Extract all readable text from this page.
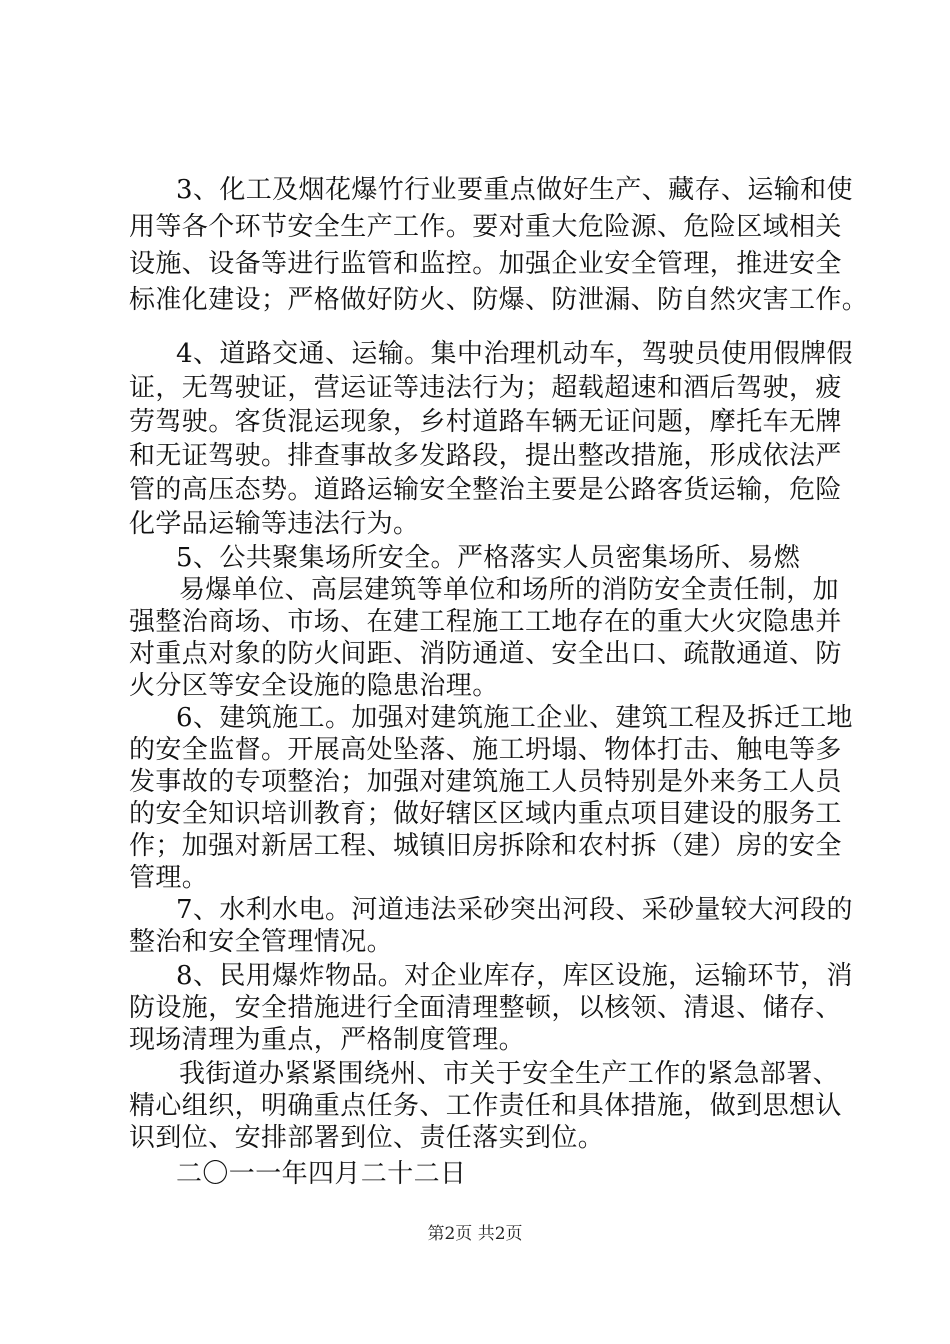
3、化工及烟花爆竹行业要重点做好生产、藏存、运输和使
用等各个环节安全生产工作。要对重大危险源、危险区域相关
设施、设备等进行监管和监控。加强企业安全管理，推进安全
标准化建设；严格做好防火、防爆、防泄漏、防自然灾害工作。
4、道路交通、运输。集中治理机动车，驾驶员使用假牌假
证，无驾驶证，营运证等违法行为；超载超速和酒后驾驶，疲
劳驾驶。客货混运现象，乡村道路车辆无证问题，摩托车无牌
和无证驾驶。排查事故多发路段，提出整改措施，形成依法严
管的高压态势。道路运输安全整治主要是公路客货运输，危险
化学品运输等违法行为。
5、公共聚集场所安全。严格落实人员密集场所、易燃
易爆单位、高层建筑等单位和场所的消防安全责任制，加
强整治商场、市场、在建工程施工工地存在的重大火灾隐患并
对重点对象的防火间距、消防通道、安全出口、疏散通道、防
火分区等安全设施的隐患治理。
6、建筑施工。加强对建筑施工企业、建筑工程及拆迁工地
的安全监督。开展高处坠落、施工坍塌、物体打击、触电等多
发事故的专项整治；加强对建筑施工人员特别是外来务工人员
的安全知识培训教育；做好辖区区域内重点项目建设的服务工
作；加强对新居工程、城镇旧房拆除和农村拆（建）房的安全
管理。
7、水利水电。河道违法采砂突出河段、采砂量较大河段的
整治和安全管理情况。
8、民用爆炸物品。对企业库存，库区设施，运输环节，消
防设施，安全措施进行全面清理整顿，以核领、清退、储存、
现场清理为重点，严格制度管理。
我街道办紧紧围绕州、市关于安全生产工作的紧急部署、
精心组织，明确重点任务、工作责任和具体措施，做到思想认
识到位、安排部署到位、责任落实到位。
二〇一一年四月二十二日
第2页 共2页
